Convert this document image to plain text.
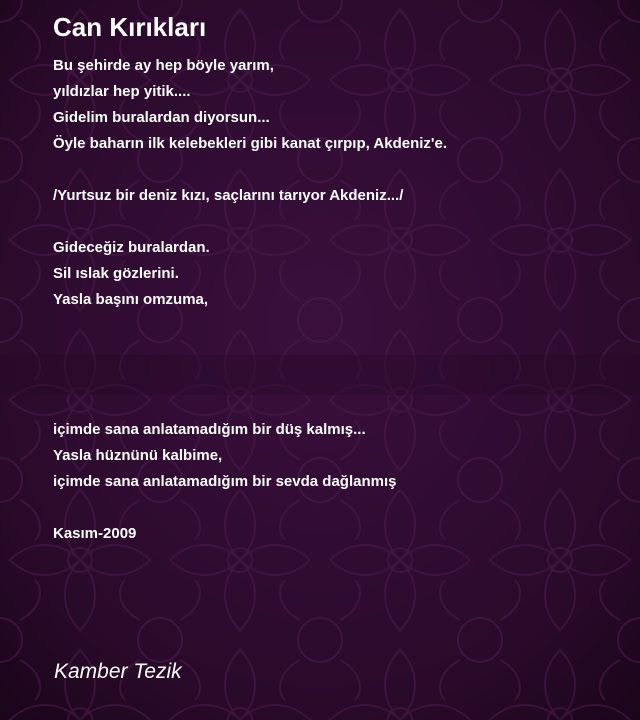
Can Kırıkları
Bu şehirde ay hep böyle yarım,
yıldızlar hep yitik....
Gidelim buralardan diyorsun...
Öyle baharın ilk kelebekleri gibi kanat çırpıp, Akdeniz'e.
/Yurtsuz bir deniz kızı, saçlarını tarıyor Akdeniz.../
Gideceğiz buralardan.
Sil ıslak gözlerini.
Yasla başını omzuma,
içimde sana anlatamadığım bir düş kalmış...
Yasla hüznünü kalbime,
içimde sana anlatamadığım bir sevda dağlanmış
Kasım-2009
Kamber Tezik
